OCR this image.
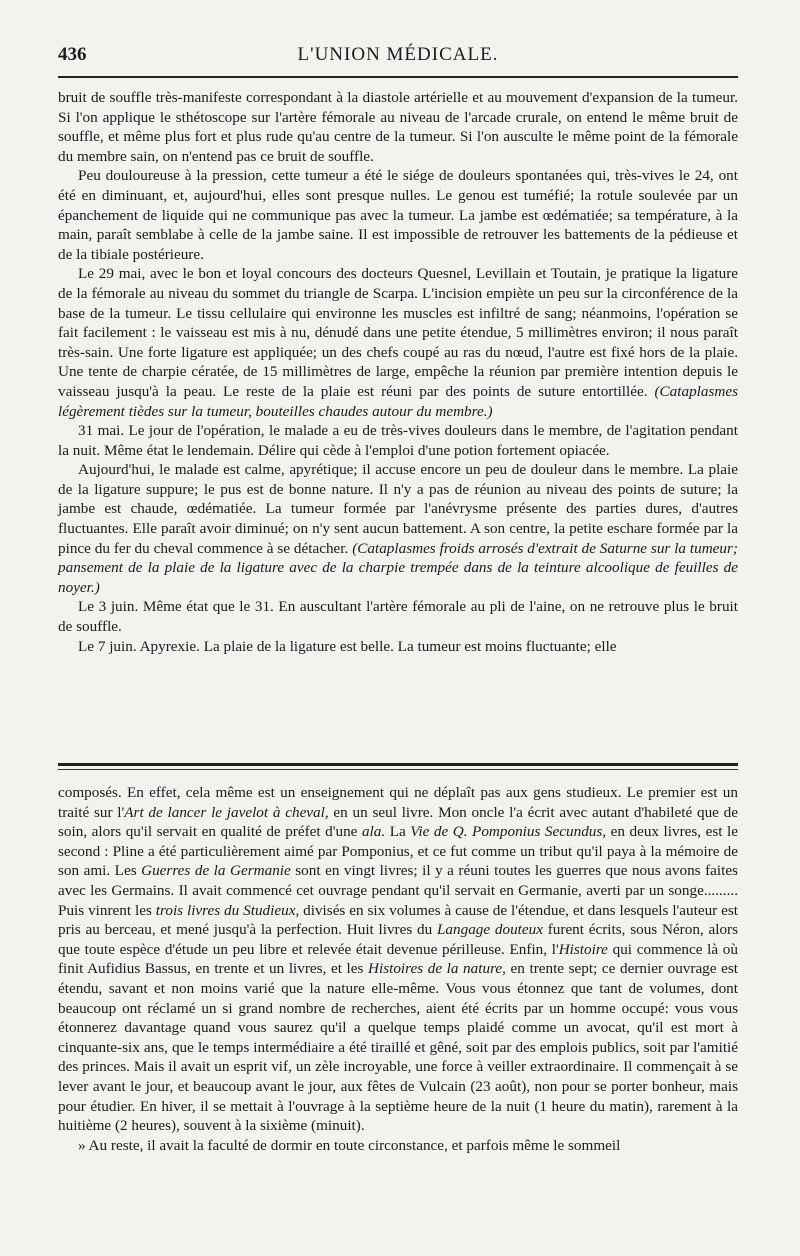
436	L'UNION MÉDICALE.

bruit de souffle très-manifeste correspondant à la diastole artérielle et au mouvement d'expansion de la tumeur. Si l'on applique le sthétoscope sur l'artère fémorale au niveau de l'arcade crurale, on entend le même bruit de souffle, et même plus fort et plus rude qu'au centre de la tumeur. Si l'on ausculte le même point de la fémorale du membre sain, on n'entend pas ce bruit de souffle.

Peu douloureuse à la pression, cette tumeur a été le siége de douleurs spontanées qui, très-vives le 24, ont été en diminuant, et, aujourd'hui, elles sont presque nulles. Le genou est tuméfié; la rotule soulevée par un épanchement de liquide qui ne communique pas avec la tumeur. La jambe est œdématiée; sa température, à la main, paraît semblabe à celle de la jambe saine. Il est impossible de retrouver les battements de la pédieuse et de la tibiale postérieure.

Le 29 mai, avec le bon et loyal concours des docteurs Quesnel, Levillain et Toutain, je pratique la ligature de la fémorale au niveau du sommet du triangle de Scarpa. L'incision empiète un peu sur la circonférence de la base de la tumeur. Le tissu cellulaire qui environne les muscles est infiltré de sang; néanmoins, l'opération se fait facilement : le vaisseau est mis à nu, dénudé dans une petite étendue, 5 millimètres environ; il nous paraît très-sain. Une forte ligature est appliquée; un des chefs coupé au ras du nœud, l'autre est fixé hors de la plaie. Une tente de charpie cératée, de 15 millimètres de large, empêche la réunion par première intention depuis le vaisseau jusqu'à la peau. Le reste de la plaie est réuni par des points de suture entortillée. (Cataplasmes légèrement tièdes sur la tumeur, bouteilles chaudes autour du membre.)

31 mai. Le jour de l'opération, le malade a eu de très-vives douleurs dans le membre, de l'agitation pendant la nuit. Même état le lendemain. Délire qui cède à l'emploi d'une potion fortement opiacée.

Aujourd'hui, le malade est calme, apyrétique; il accuse encore un peu de douleur dans le membre. La plaie de la ligature suppure; le pus est de bonne nature. Il n'y a pas de réunion au niveau des points de suture; la jambe est chaude, œdématiée. La tumeur formée par l'anévrysme présente des parties dures, d'autres fluctuantes. Elle paraît avoir diminué; on n'y sent aucun battement. A son centre, la petite eschare formée par la pince du fer du cheval commence à se détacher. (Cataplasmes froids arrosés d'extrait de Saturne sur la tumeur; pansement de la plaie de la ligature avec de la charpie trempée dans de la teinture alcoolique de feuilles de noyer.)

Le 3 juin. Même état que le 31. En auscultant l'artère fémorale au pli de l'aine, on ne retrouve plus le bruit de souffle.

Le 7 juin. Apyrexie. La plaie de la ligature est belle. La tumeur est moins fluctuante; elle

composés. En effet, cela même est un enseignement qui ne déplaît pas aux gens studieux. Le premier est un traité sur l'Art de lancer le javelot à cheval, en un seul livre. Mon oncle l'a écrit avec autant d'habileté que de soin, alors qu'il servait en qualité de préfet d'une ala. La Vie de Q. Pomponius Secundus, en deux livres, est le second : Pline a été particulièrement aimé par Pomponius, et ce fut comme un tribut qu'il paya à la mémoire de son ami. Les Guerres de la Germanie sont en vingt livres; il y a réuni toutes les guerres que nous avons faites avec les Germains. Il avait commencé cet ouvrage pendant qu'il servait en Germanie, averti par un songe......... Puis vinrent les trois livres du Studieux, divisés en six volumes à cause de l'étendue, et dans lesquels l'auteur est pris au berceau, et mené jusqu'à la perfection. Huit livres du Langage douteux furent écrits, sous Néron, alors que toute espèce d'étude un peu libre et relevée était devenue périlleuse. Enfin, l'Histoire qui commence là où finit Aufidius Bassus, en trente et un livres, et les Histoires de la nature, en trente sept; ce dernier ouvrage est étendu, savant et non moins varié que la nature elle-même. Vous vous étonnez que tant de volumes, dont beaucoup ont réclamé un si grand nombre de recherches, aient été écrits par un homme occupé: vous vous étonnerez davantage quand vous saurez qu'il a quelque temps plaidé comme un avocat, qu'il est mort à cinquante-six ans, que le temps intermédiaire a été tiraillé et gêné, soit par des emplois publics, soit par l'amitié des princes. Mais il avait un esprit vif, un zèle incroyable, une force à veiller extraordinaire. Il commençait à se lever avant le jour, et beaucoup avant le jour, aux fêtes de Vulcain (23 août), non pour se porter bonheur, mais pour étudier. En hiver, il se mettait à l'ouvrage à la septième heure de la nuit (1 heure du matin), rarement à la huitième (2 heures), souvent à la sixième (minuit).

» Au reste, il avait la faculté de dormir en toute circonstance, et parfois même le sommeil
